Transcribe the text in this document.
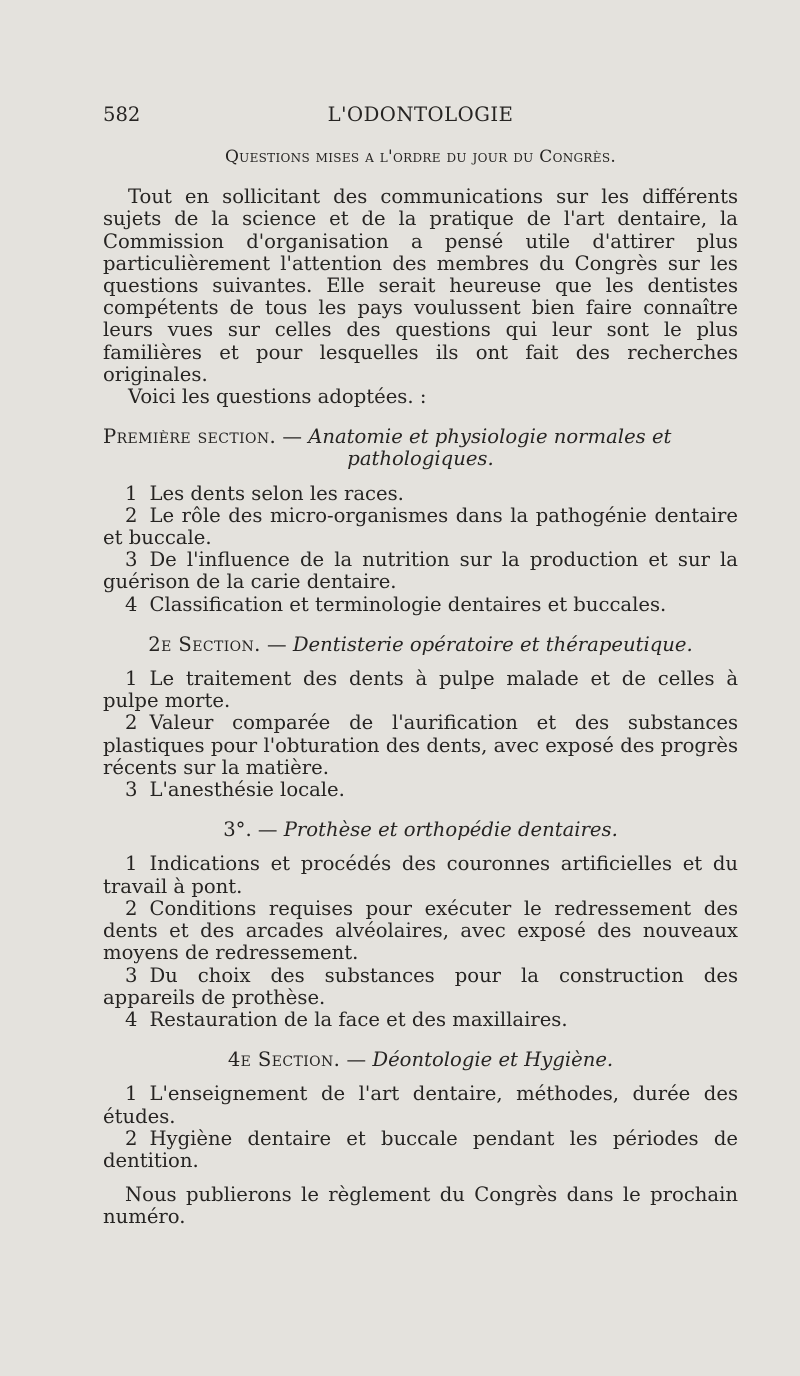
582	L'ODONTOLOGIE
Questions mises a l'ordre du jour du Congrès.

Tout en sollicitant des communications sur les différents sujets de la science et de la pratique de l'art dentaire, la Commission d'organisation a pensé utile d'attirer plus particulièrement l'attention des membres du Congrès sur les questions suivantes. Elle serait heureuse que les dentistes compétents de tous les pays voulussent bien faire connaître leurs vues sur celles des questions qui leur sont le plus familières et pour lesquelles ils ont fait des recherches originales.

Voici les questions adoptées. :

Première section. — Anatomie et physiologie normales et
pathologiques.

1 Les dents selon les races.

2 Le rôle des micro-organismes dans la pathogénie dentaire et buccale.

3 De l'influence de la nutrition sur la production et sur la guérison de la carie dentaire.

4 Classification et terminologie dentaires et buccales.

2e Section. — Dentisterie opératoire et thérapeutique.

1 Le traitement des dents à pulpe malade et de celles à pulpe morte.

2 Valeur comparée de l'aurification et des substances plastiques pour l'obturation des dents, avec exposé des progrès récents sur la matière.

3 L'anesthésie locale.

3°. — Prothèse et orthopédie dentaires.

1 Indications et procédés des couronnes artificielles et du travail à pont.

2 Conditions requises pour exécuter le redressement des dents et des arcades alvéolaires, avec exposé des nouveaux moyens de redressement.

3 Du choix des substances pour la construction des appareils de prothèse.

4 Restauration de la face et des maxillaires.

4e Section. — Déontologie et Hygiène.

1 L'enseignement de l'art dentaire, méthodes, durée des études.

2 Hygiène dentaire et buccale pendant les périodes de dentition.

Nous publierons le règlement du Congrès dans le prochain numéro.
